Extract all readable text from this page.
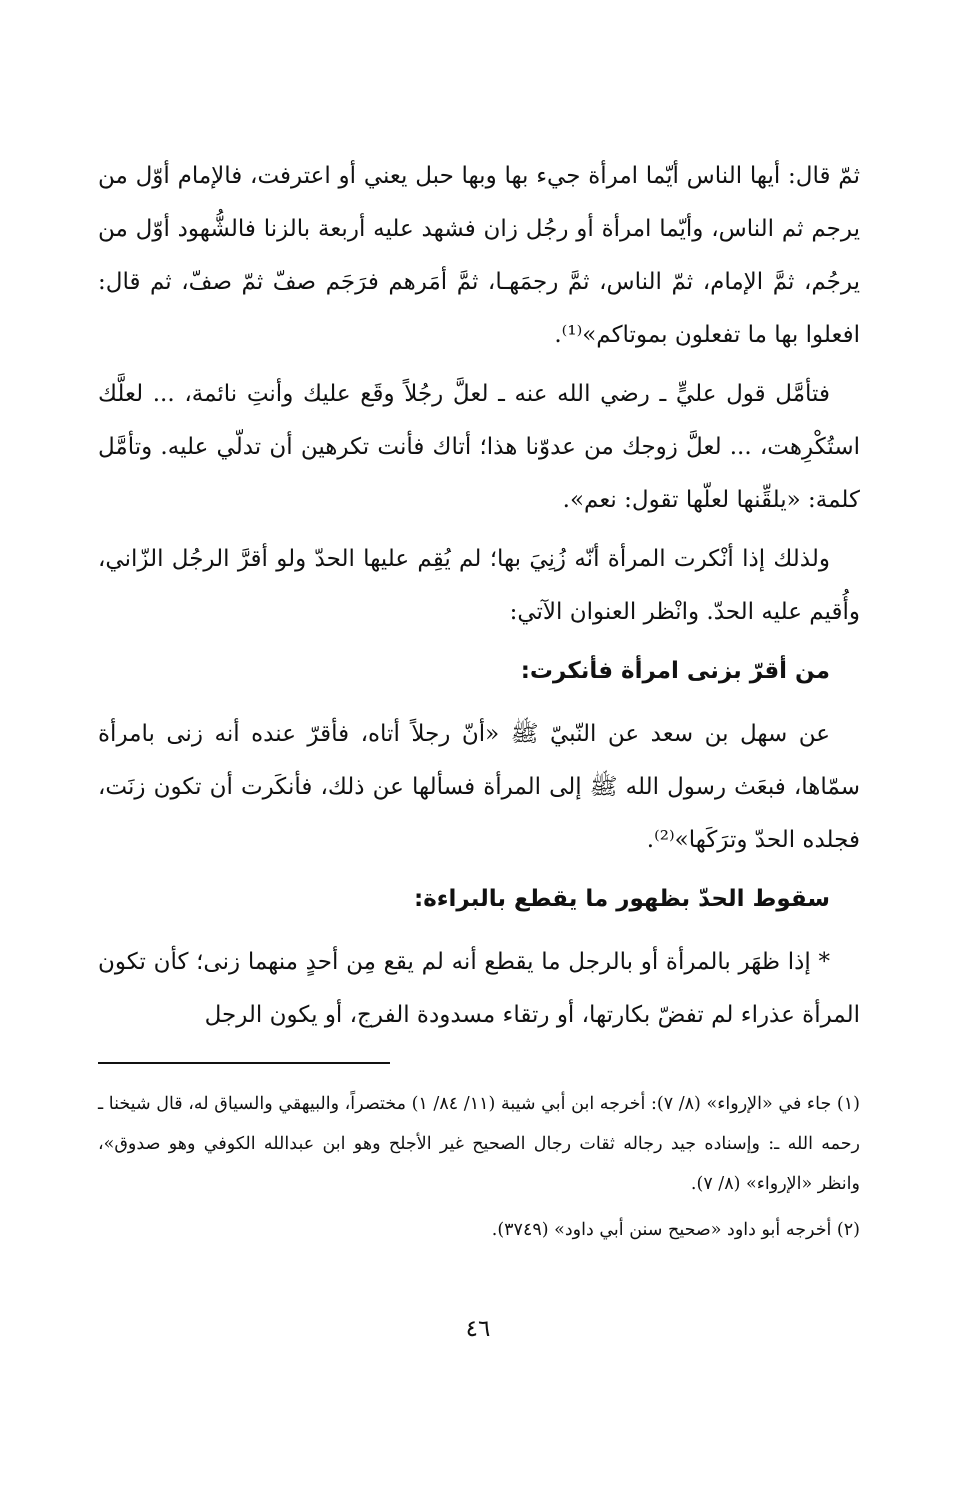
ثمّ قال: أيها الناس أيّما امرأة جيء بها وبها حبل يعني أو اعترفت، فالإمام أوّل من يرجم ثم الناس، وأيّما امرأة أو رجُل زان فشهد عليه أربعة بالزنا فالشُّهود أوّل من يرجُم، ثمَّ الإمام، ثمّ الناس، ثمَّ رجمَهـا، ثمَّ أمَرهم فرَجَم صفّ ثمّ صفّ، ثم قال: افعلوا بها ما تفعلون بموتاكم»⁽¹⁾.

فتأمَّل قول عليٍّ ـ رضي الله عنه ـ لعلَّ رجُلاً وقَع عليك وأنتِ نائمة، ... لعلَّك استُكْرِهت، ... لعلَّ زوجك من عدوّنا هذا؛ أتاك فأنت تكرهين أن تدلّي عليه. وتأمَّل كلمة: «يلقِّنها لعلّها تقول: نعم».

ولذلك إذا أنْكرت المرأة أنّه زُنِيَ بها؛ لم يُقِم عليها الحدّ ولو أقرَّ الرجُل الزّاني، وأُقيم عليه الحدّ. وانْظر العنوان الآتي:

من أقرّ بزنى امرأة فأنكرت:

عن سهل بن سعد عن النّبيّ ﷺ «أنّ رجلاً أتاه، فأقرّ عنده أنه زنى بامرأة سمّاها، فبعَث رسول الله ﷺ إلى المرأة فسألها عن ذلك، فأنكَرت أن تكون زنَت، فجلده الحدّ وترَكَها»⁽²⁾.

سقوط الحدّ بظهور ما يقطع بالبراءة:

* إذا ظهَر بالمرأة أو بالرجل ما يقطع أنه لم يقع مِن أحدٍ منهما زنى؛ كأن تكون المرأة عذراء لم تفضّ بكارتها، أو رتقاء مسدودة الفرج، أو يكون الرجل

(١) جاء في «الإرواء» (٨/ ٧): أخرجه ابن أبي شيبة (١١/ ٨٤/ ١) مختصراً، والبيهقي والسياق له، قال شيخنا ـ رحمه الله ـ: وإسناده جيد رجاله ثقات رجال الصحيح غير الأجلح وهو ابن عبدالله الكوفي وهو صدوق»، وانظر «الإرواء» (٨/ ٧).

(٢) أخرجه أبو داود «صحيح سنن أبي داود» (٣٧٤٩).

٤٦
